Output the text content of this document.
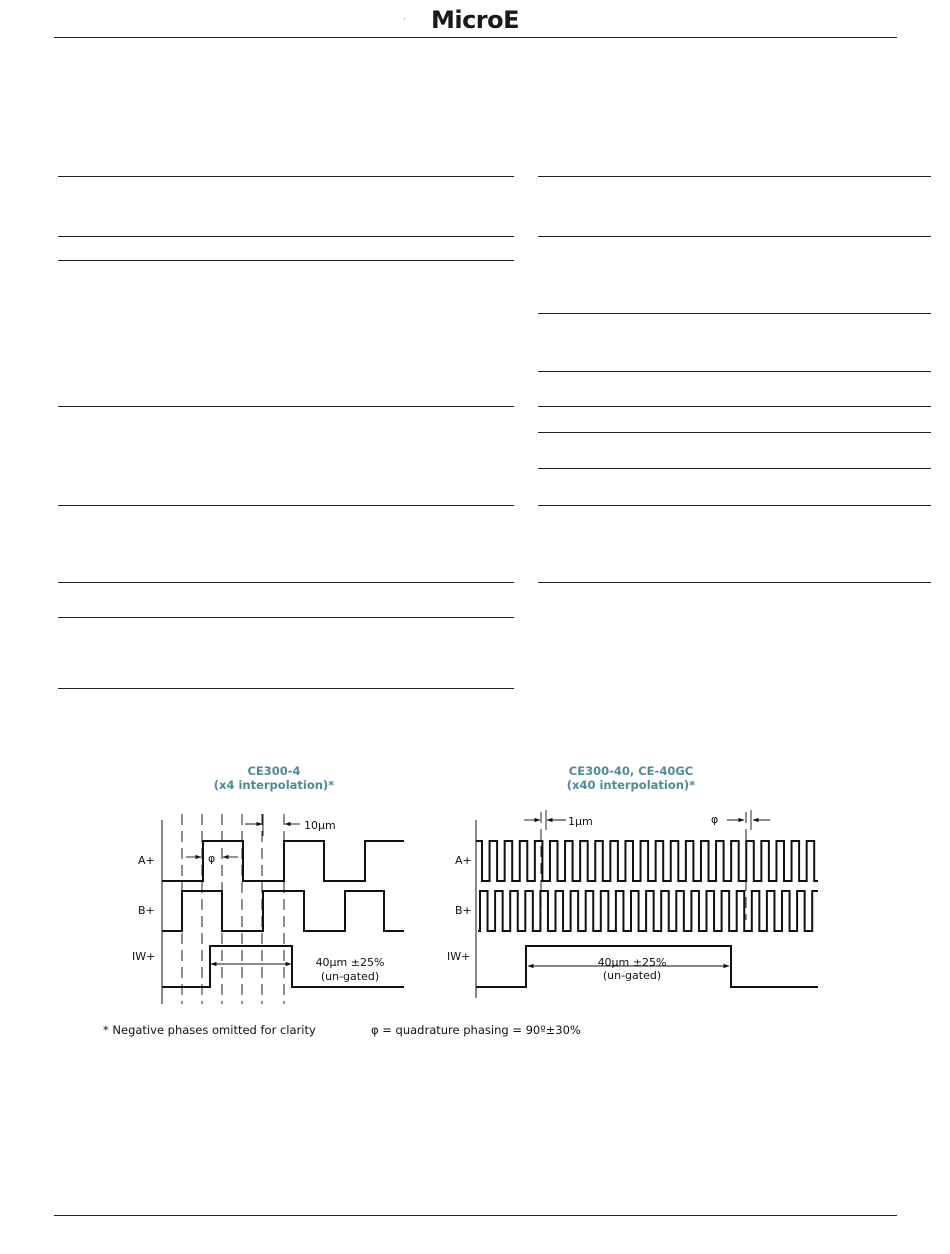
MicroE
CE300-4
(x4 interpolation)*
A+
B+
IW+
φ
10μm
40μm ±25%
(un-gated)
CE300-40, CE-40GC
(x40 interpolation)*
A+
B+
IW+
1μm	φ
40μm ±25%
(un-gated)
* Negative phases omitted for clarity	φ = quadrature phasing = 90º±30%
